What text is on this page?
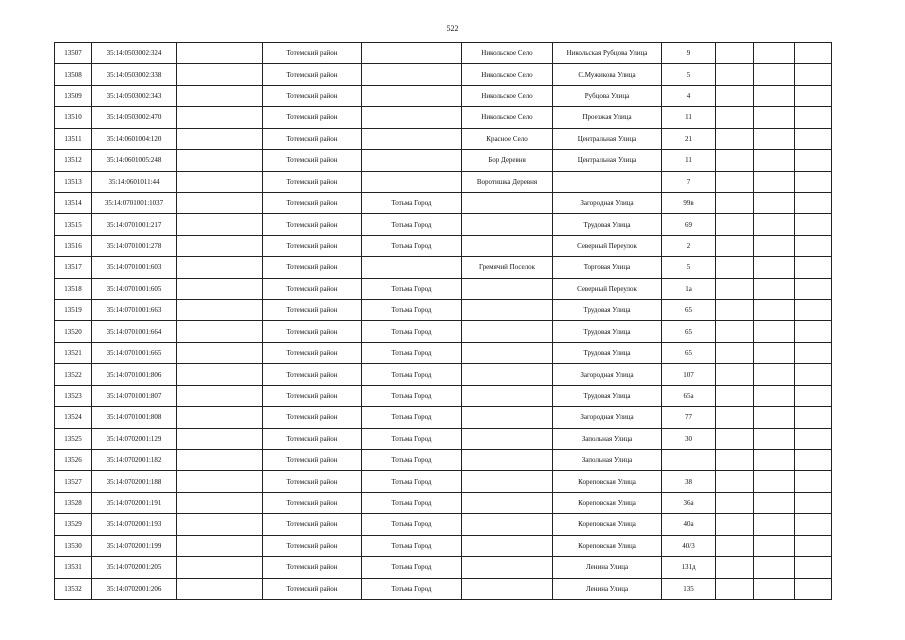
522
13507	35:14:0503002:324		Тотемский район		Никольское Село	Никольская Рубцова Улица	9			
13508	35:14:0503002:338		Тотемский район		Никольское Село	С.Мужикова Улица	5			
13509	35:14:0503002:343		Тотемский район		Никольское Село	Рубцова Улица	4			
13510	35:14:0503002:470		Тотемский район		Никольское Село	Проезжая Улица	11			
13511	35:14:0601004:120		Тотемский район		Красное Село	Центральная Улица	21			
13512	35:14:0601005:248		Тотемский район		Бор Деревня	Центральная Улица	11			
13513	35:14:0601011:44		Тотемский район		Воротишка Деревня		7			
13514	35:14:0701001:1037		Тотемский район	Тотьма Город		Загородная Улица	99в			
13515	35:14:0701001:217		Тотемский район	Тотьма Город		Трудовая Улица	69			
13516	35:14:0701001:278		Тотемский район	Тотьма Город		Северный Переулок	2			
13517	35:14:0701001:603		Тотемский район		Гремячий Поселок	Торговая Улица	5			
13518	35:14:0701001:605		Тотемский район	Тотьма Город		Северный Переулок	1а			
13519	35:14:0701001:663		Тотемский район	Тотьма Город		Трудовая Улица	65			
13520	35:14:0701001:664		Тотемский район	Тотьма Город		Трудовая Улица	65			
13521	35:14:0701001:665		Тотемский район	Тотьма Город		Трудовая Улица	65			
13522	35:14:0701001:806		Тотемский район	Тотьма Город		Загородная Улица	107			
13523	35:14:0701001:807		Тотемский район	Тотьма Город		Трудовая Улица	65а			
13524	35:14:0701001:808		Тотемский район	Тотьма Город		Загородная Улица	77			
13525	35:14:0702001:129		Тотемский район	Тотьма Город		Запольная Улица	30			
13526	35:14:0702001:182		Тотемский район	Тотьма Город		Запольная Улица				
13527	35:14:0702001:188		Тотемский район	Тотьма Город		Кореповская Улица	38			
13528	35:14:0702001:191		Тотемский район	Тотьма Город		Кореповская Улица	36а			
13529	35:14:0702001:193		Тотемский район	Тотьма Город		Кореповская Улица	40а			
13530	35:14:0702001:199		Тотемский район	Тотьма Город		Кореповская Улица	40/3			
13531	35:14:0702001:205		Тотемский район	Тотьма Город		Ленина Улица	131д			
13532	35:14:0702001:206		Тотемский район	Тотьма Город		Ленина Улица	135			
